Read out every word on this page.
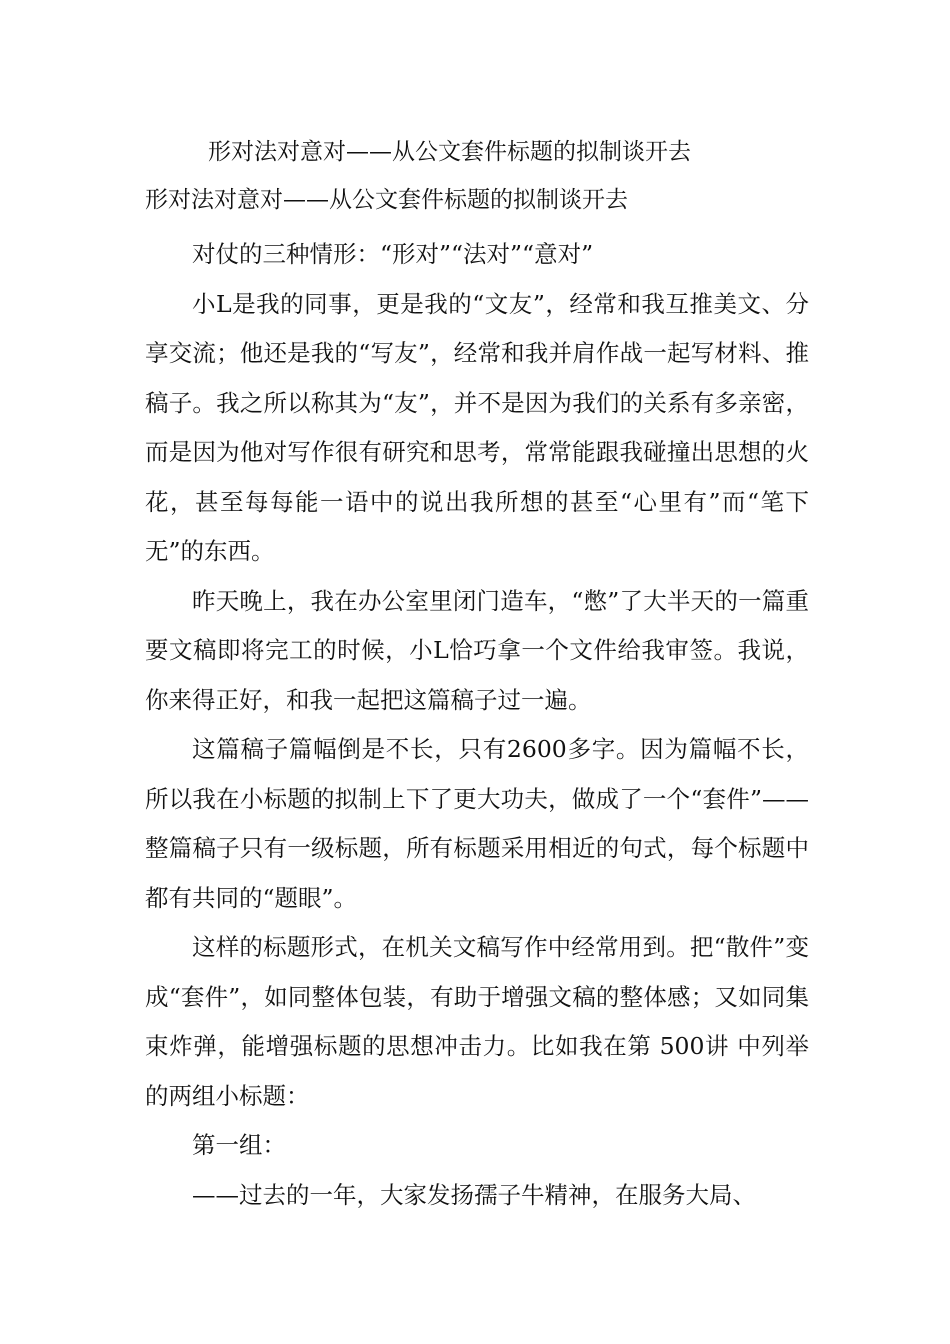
形对法对意对——从公文套件标题的拟制谈开去
形对法对意对——从公文套件标题的拟制谈开去

对仗的三种情形：“形对”“法对”“意对”

小L是我的同事，更是我的“文友”，经常和我互推美文、分享交流；他还是我的“写友”，经常和我并肩作战一起写材料、推稿子。我之所以称其为“友”，并不是因为我们的关系有多亲密，而是因为他对写作很有研究和思考，常常能跟我碰撞出思想的火花，甚至每每能一语中的说出我所想的甚至“心里有”而“笔下无”的东西。

昨天晚上，我在办公室里闭门造车，“憋”了大半天的一篇重要文稿即将完工的时候，小L恰巧拿一个文件给我审签。我说，你来得正好，和我一起把这篇稿子过一遍。

这篇稿子篇幅倒是不长，只有2600多字。因为篇幅不长，所以我在小标题的拟制上下了更大功夫，做成了一个“套件”——整篇稿子只有一级标题，所有标题采用相近的句式，每个标题中都有共同的“题眼”。

这样的标题形式，在机关文稿写作中经常用到。把“散件”变成“套件”，如同整体包装，有助于增强文稿的整体感；又如同集束炸弹，能增强标题的思想冲击力。比如我在第 500讲 中列举的两组小标题：

第一组：

——过去的一年，大家发扬孺子牛精神，在服务大局、
